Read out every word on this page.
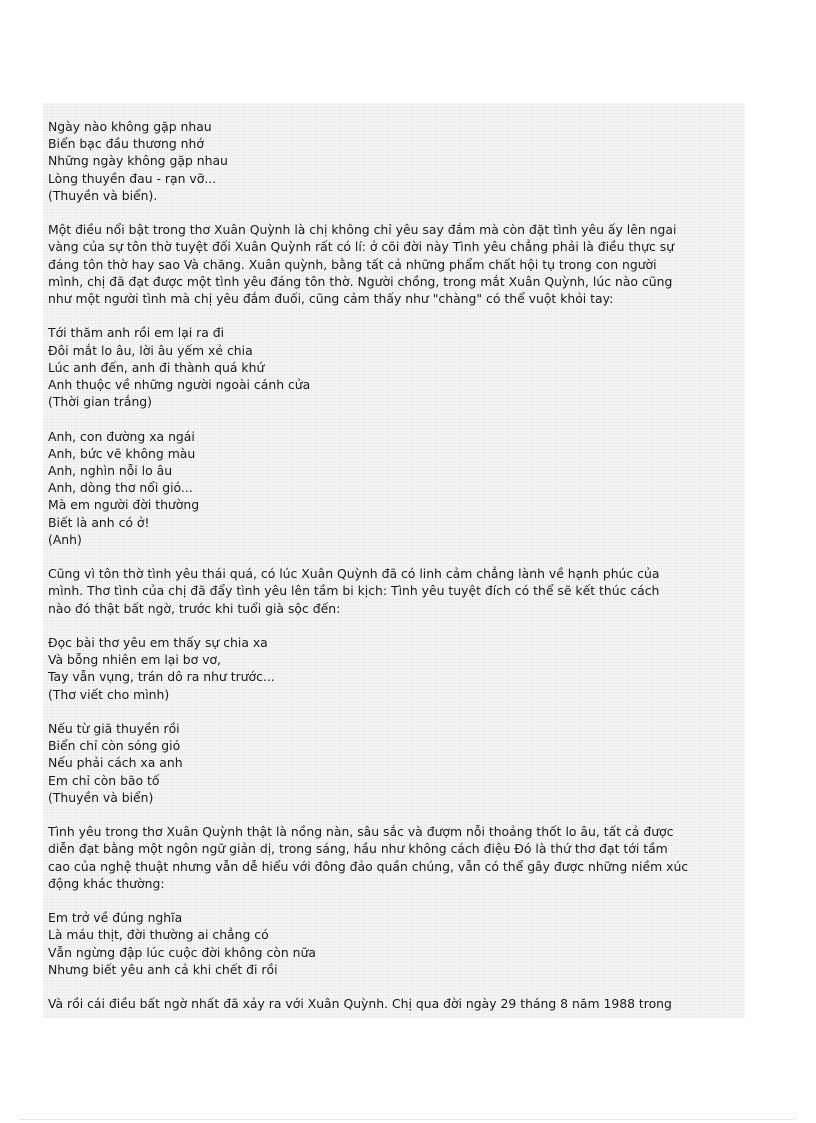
Ngày nào không gặp nhau
Biển bạc đầu thương nhớ
Những ngày không gặp nhau
Lòng thuyền đau - rạn vỡ...
(Thuyền và biển).
Một điều nổi bật trong thơ Xuân Quỳnh là chị không chỉ yêu say đắm mà còn đặt tình yêu ấy lên ngai
vàng của sự tôn thờ tuyệt đối Xuân Quỳnh rất có lí: ở cõi đời này Tình yêu chẳng phải là điều thực sự
đáng tôn thờ hay sao Và chăng. Xuân quỳnh, bằng tất cả những phẩm chất hội tụ trong con người
mình, chị đã đạt được một tình yêu đáng tôn thờ. Người chồng, trong mắt Xuân Quỳnh, lúc nào cũng
như một người tình mà chị yêu đắm đuối, cũng cảm thấy như "chàng" có thể vuột khỏi tay:
Tới thăm anh rồi em lại ra đi
Đôi mắt lo âu, lời âu yếm xẻ chia
Lúc anh đến, anh đi thành quá khứ
Anh thuộc về những người ngoài cánh cửa
(Thời gian trắng)
Anh, con đường xa ngái
Anh, bức vẽ không màu
Anh, nghìn nỗi lo âu
Anh, dòng thơ nổi gió...
Mà em người đời thường
Biết là anh có ở!
(Anh)
Cũng vì tôn thờ tình yêu thái quá, có lúc Xuân Quỳnh đã có linh cảm chẳng lành về hạnh phúc của
mình. Thơ tình của chị đã đẩy tình yêu lên tầm bi kịch: Tình yêu tuyệt đích có thể sẽ kết thúc cách
nào đó thật bất ngờ, trước khi tuổi già sộc đến:
Đọc bài thơ yêu em thấy sự chia xa
Và bỗng nhiên em lại bơ vơ,
Tay vẫn vụng, trán dô ra như trước...
(Thơ viết cho mình)
Nếu từ giã thuyền rồi
Biển chỉ còn sóng gió
Nếu phải cách xa anh
Em chỉ còn bão tố
(Thuyền và biển)
Tình yêu trong thơ Xuân Quỳnh thật là nồng nàn, sâu sắc và đượm nỗi thoảng thốt lo âu, tất cả được
diễn đạt bằng một ngôn ngữ giản dị, trong sáng, hầu như không cách điệu Đó là thứ thơ đạt tới tầm
cao của nghệ thuật nhưng vẫn dễ hiểu với đông đảo quần chúng, vẫn có thể gây được những niềm xúc
động khác thường:
Em trở về đúng nghĩa
Là máu thịt, đời thường ai chẳng có
Vẫn ngừng đập lúc cuộc đời không còn nữa
Nhưng biết yêu anh cả khi chết đi rồi
Và rồi cái điều bất ngờ nhất đã xảy ra với Xuân Quỳnh. Chị qua đời ngày 29 tháng 8 năm 1988 trong
